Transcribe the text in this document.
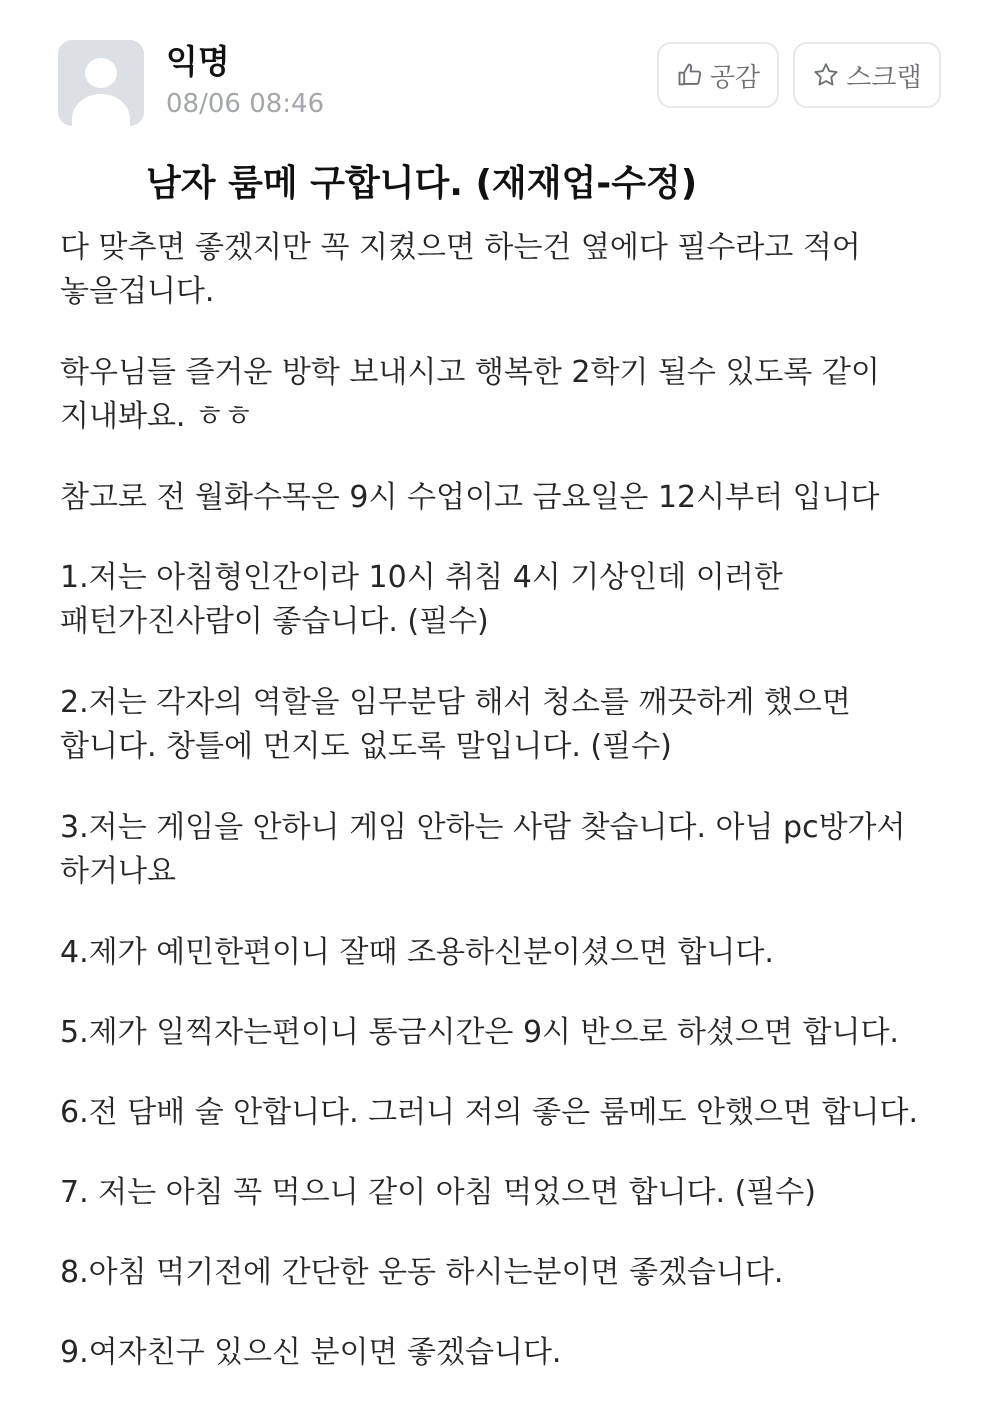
익명
08/06 08:46
공감	스크랩
남자 룸메 구합니다. (재재업-수정)

다 맞추면 좋겠지만 꼭 지켰으면 하는건 옆에다 필수라고 적어 놓을겁니다.

학우님들 즐거운 방학 보내시고 행복한 2학기 될수 있도록 같이 지내봐요. ㅎㅎ

참고로 전 월화수목은 9시 수업이고 금요일은 12시부터 입니다

1.저는 아침형인간이라 10시 취침 4시 기상인데 이러한 패턴가진사람이 좋습니다. (필수)

2.저는 각자의 역할을 임무분담 해서 청소를 깨끗하게 했으면 합니다. 창틀에 먼지도 없도록 말입니다. (필수)

3.저는 게임을 안하니 게임 안하는 사람 찾습니다. 아님 pc방가서 하거나요

4.제가 예민한편이니 잘때 조용하신분이셨으면 합니다.

5.제가 일찍자는편이니 통금시간은 9시 반으로 하셨으면 합니다.

6.전 담배 술 안합니다. 그러니 저의 좋은 룸메도 안했으면 합니다.

7. 저는 아침 꼭 먹으니 같이 아침 먹었으면 합니다. (필수)

8.아침 먹기전에 간단한 운동 하시는분이면 좋겠습니다.

9.여자친구 있으신 분이면 좋겠습니다.
